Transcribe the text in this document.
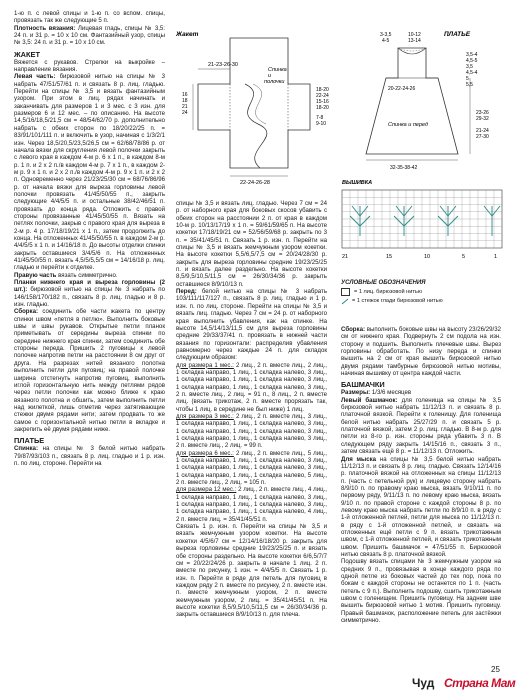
1-ю п. с левой спицы и 1-ю п. со вспом. спицы, провязать так же следующие 5 п.

Плотность вязания: Лицевая гладь, спицы № 3,5: 24 п. и 31 р. = 10 х 10 см. Фантазийный узор, спицы № 3,5: 24 п. и 31 р. = 10 х 10 см.

ЖАКЕТ

Вяжется с рукавов. Стрелки на выкройке – направление вязания.

Левая часть: бирюзовой нитью на спицы № 3 набрать 47/51/57/61 п. и связать 8 р. лиц. гладью. Перейти на спицы № 3,5 и вязать фантазийным узором. При этом в лиц. рядах начинать и заканчивать для размеров 1 и 3 мес. с 3 изн. для размеров 6 и 12 мес. – по описанию. На высоте 14,5/16/18,5/21,5 см = 48/54/62/70 р. дополнительно набрать с обеих сторон по 18/20/22/25 п. = 83/91/101/111 п. и включить в узор, начиная с 1/3/2/1 изн. Через 18,5/20,5/23,5/26,5 см = 62/68/78/86 р. от начала вязки для скругления левой полочки закрыть с левого края в каждом 4-м р. 6 х 1 п., в каждом 8-м р. 1 п. и 2 х 2 п./в каждом 4-м р. 7 х 1 п., в каждом 2-м р. 9 х 1 п. и 2 х 2 п./в каждом 4-м р. 9 х 1 п. и 2 х 2 п. Одновременно через 21/23/25/30 см = 68/76/86/96 р. от начала вязки для выреза горловины левой полочки провязать 41/45/50/55 п., закрыть следующие 4/4/5/5 п. и остальные 38/42/46/51 п. провязать до конца ряда. Отложить с правой стороны провязанные 41/45/50/55 п. Вязать на петлях полочки, закрыв с правого края для выреза в 2-м р. 4 р. 17/18/19/21 х 1 п., затем продолжить до конца. На отложенных 41/45/50/55 п. в каждом 2-м р. 4/4/5/5 х 1 п. и 14/16/18 п. До высоты отделки спинки закрыть оставшиеся 3/4/5/6 п. На отложенных 41/45/50/55 п. вязать 4,5/5/5,5/5 см = 14/16/18 р. лиц. гладью и перейти к отделке.

Правую часть вязать симметрично.

Планки нижнего края и выреза горловины (2 шт.): бирюзовой нитью на спицы № 3 набрать по 146/158/170/182 п., связать 8 р. лиц. гладью и 8 р. изн. гладью.

Сборка: соединить обе части жакета по центру спинки швом «петля в петлю». Выполнить боковые швы и швы рукавов. Открытые петли планок приметывать от середины выреза спинки по середине нижнего края спинки, затем соединить обе стороны переда. Пришить 2 пуговицы к левой полочке напротив петли на расстоянии 8 см друг от друга. На разрезах нитей вязаного полотна выполнить петли для пуговиц; на правой полочке ширина отстегнуть напротив пуговиц, выполнить иглой горизонтальную нить между петлями рядов через петли полочки как можно ближе к краю вязаного полотна и обшить, затем выполнить петли над жилеткой, лишь отметив через затягивающие стежки двумя рядами нити; затем продвать то же самое с горизонтальной нитью петли в вкладке и закрепить её двумя рядами ниже.

ПЛАТЬЕ

Спинка: на спицы № 3 белой нитью набрать 79/87/93/103 п., связать 8 р. лиц. гладью и 1 р. изн. п. по лиц. стороне. Перейти на

Жакет
21-23-26-30
Спинка и полочки
16 18 21 24
18-20 22-24 15-16 18-20 7-8 9-10
22-24-26-28
ПЛАТЬЕ
3-3,5 4-5
10-12 13-14
3,5-4 4,5-5 3,5 4,5-4 5 5,5
20-22-24-26
23-26 29-32 21-24 27-30
Спинка и перед
32-35-38-42
ВЫШИВКА
21	15	10	5	1
УСЛОВНЫЕ ОБОЗНАЧЕНИЯ
= 1 лиц. бирюзовой нитью
= 1 стежок глади бирюзовой нитью

спицы № 3,5 и вязать лиц. гладью. Через 7 см = 24 р. от наборного края для боковых скосов убавить с обеих сторон на расстоянии 2 п. от края в каждом 10-м р. 10/13/17/19 х 1 п. = 59/61/59/65 п. На высоте кокетки 17/18/19/21 см = 52/56/59/68 р. закрыть по 3 п. = 35/41/45/51 п. Связать 1 р. изн. п. Перейти на спицы № 3,5 и вязать жемчужным узором кокетки. На высоте кокетки 5,5/6,5/7,5 см = 20/24/28/30 р. закрыть для выреза горловины средние 19/23/25/25 п. и вязать далее раздельно. На высоте кокетки 8,5/9,5/10,5/11,5 см = 26/30/34/36 р. закрыть оставшиеся 8/9/10/13 п.

Перед: белой нитью на спицы № 3 набрать 103/111/117/127 п., связать 8 р. лиц. гладью и 1 р. изн. п. по лиц. стороне. Перейти на спицы № 3,5 и вязать лиц. гладью. Через 7 см = 24 р. от наборного края выполнить убавления, как на спинке. На высоте 14,5/14/13/11,5 см для выреза горловины средние 29/33/37/41 п. провязать в нижней части вязания по горизонтали: распределив убавления равномерно через каждые 24 п. для складок следующим образом:

для размера 1 мес.: 2 лиц., 2 п. вместе лиц., 2 лиц., 1 складка направо, 1 лиц., 1 складка налево, 3 лиц., 1 складка направо, 1 лиц., 1 складка налево, 3 лиц., 1 складка направо, 1 лиц., 1 складка налево, 3 лиц., 2 п. вместе лиц., 2 лиц. = 91 п., 8 лиц., 2 п. вместе лиц. (вязать трикотаж, 2 п. вместе прорязать так, чтобы 1 лиц. в середине не был ниже) 1 лиц.

для размера 3 мес.: 2 лиц., 2 п. вместе лиц., 3 лиц., 1 складка направо, 1 лиц., 1 складка налево, 3 лиц., 1 складка направо, 1 лиц., 1 складка налево, 3 лиц., 1 складка направо, 1 лиц., 1 складка налево, 3 лиц., 2 п. вместе лиц., 2 лиц. = 99 п.

для размера 6 мес.: 2 лиц., 2 п. вместе лиц., 5 лиц., 1 складка направо, 1 лиц., 1 складка налево, 3 лиц., 1 складка направо, 1 лиц., 1 складка налево, 3 лиц., 1 складка направо, 1 лиц., 1 складка налево, 5 лиц., 2 п. вместе лиц., 2 лиц. = 105 п.

для размера 12 мес.: 2 лиц., 2 п. вместе лиц., 4 лиц., 1 складка направо, 1 лиц., 1 складка налево, 3 лиц., 1 складка направо, 1 лиц., 1 складка налево, 3 лиц., 1 складка направо, 1 лиц., 1 складка налево, 4 лиц., 2 п. вместе лиц. = 35/41/45/51 п.

Связать 1 р. изн. п. Перейти на спицы № 3,5 и вязать жемчужным узором кокетки. На высоте кокетки 4/5/6/7 см = 12/14/16/18/20 р. закрыть для выреза горловины средние 19/23/25/25 п. и вязать обе стороны раздельно. На высоте кокетки 6/6,5/7/7 см = 20/22/24/26 р. закрыть в начале 1 лиц. 2 п. вместе по рисунку, 1 изн. = 4/4/5/5 п. Связать 1 р. изн. п. Перейти в ряде для петель для пуговиц в каждом ряду 2 п. вместе по рисунку, 2 п. вместе изн. п. вместе жемчужным узором, 2 п. вместе жемчужным узором, 2 лиц. = 35/41/45/51 п. На высоте кокетки 8,5/9,5/10,5/11,5 см = 26/30/34/36 р. закрыть оставшиеся 8/9/10/13 п. для плеча.

Сборка: выполнить боковые швы на высоту 23/26/29/32 см от нижнего края. Подвернуть 2 см подола на изн. сторону и подшить. Выполнить плечевые швы. Вырез горловины обработать. По низу переда и спинки вышить на 2 см от края вышить бирюзовой нитью двумя рядами тамбурные бирюзовой нитью мотивы, начиная вышивку от центра каждой части.

БАШМАЧКИ

Размеры: 1/3/6 месяцев

Левый башмачок: для голенища на спицы № 3,5 бирюзовой нитью набрать 11/12/13 п. и связать 8 р. платочной вязкой. Перейти к голенищу. Для голенища белой нитью набрать 25/27/29 п. и связать 5 р. платочной вязкой, затем 2 р. лиц. гладью. В 8-м р. для петли из 8-го р. изн. стороны ряда убавить 3 п. В следующем ряду закрыть 14/15/16 п., связать 3 п., затем связать ещё 8 р. = 11/12/13 п. Отложить.

Для мыска на спицы № 3,5 белой нитью набрать 11/12/13 п. и связать 8 р. лиц. гладью. Связать 12/14/16 р. платочной вязкой на отложенных на спицы 11/12/13 п. (часть с петельной рук) и лицевую сторону набрать 8/9/10 п. по правому краю мыска, вязать 9/10/11 п. по первому ряду, 9/11/13 п. по левому краю мыска, вязать 9/10 п. по правой стороне с каждой стороны 8 р. по левому краю мыска набрать петли по 8/9/10 п. в ряду с 1-й отложенной петлей, петли для мыска по 11/12/13 п. в ряду с 1-й отложенной петлей, и связать на отложенных ещё петли с 9 п. вязать трикотажным швом, с 1-й отложенной петлей, и связать трикотажным швом. Пришить башмачок = 47/51/55 п. Бирюзовой нитью связать 8 р. платочной вязкой.

Подошву вязать спицами № 3 жемчужным узором на средних 9 п., провязывая в конце каждого ряда по одной петле из боковых частей до тех пор, пока по бокам с каждой стороны не останется по 1 п. (часть петель с 9 п.). Выполнить подошву, сшить трикотажным швом с голенищем. Пришить пуговицу. На заднем шве вышить бирюзовой нитью 1 мотив. Пришить пуговицу. Правый башмачок, расположение петель для застёжки симметрично.

25
Чуд Страна Мам
